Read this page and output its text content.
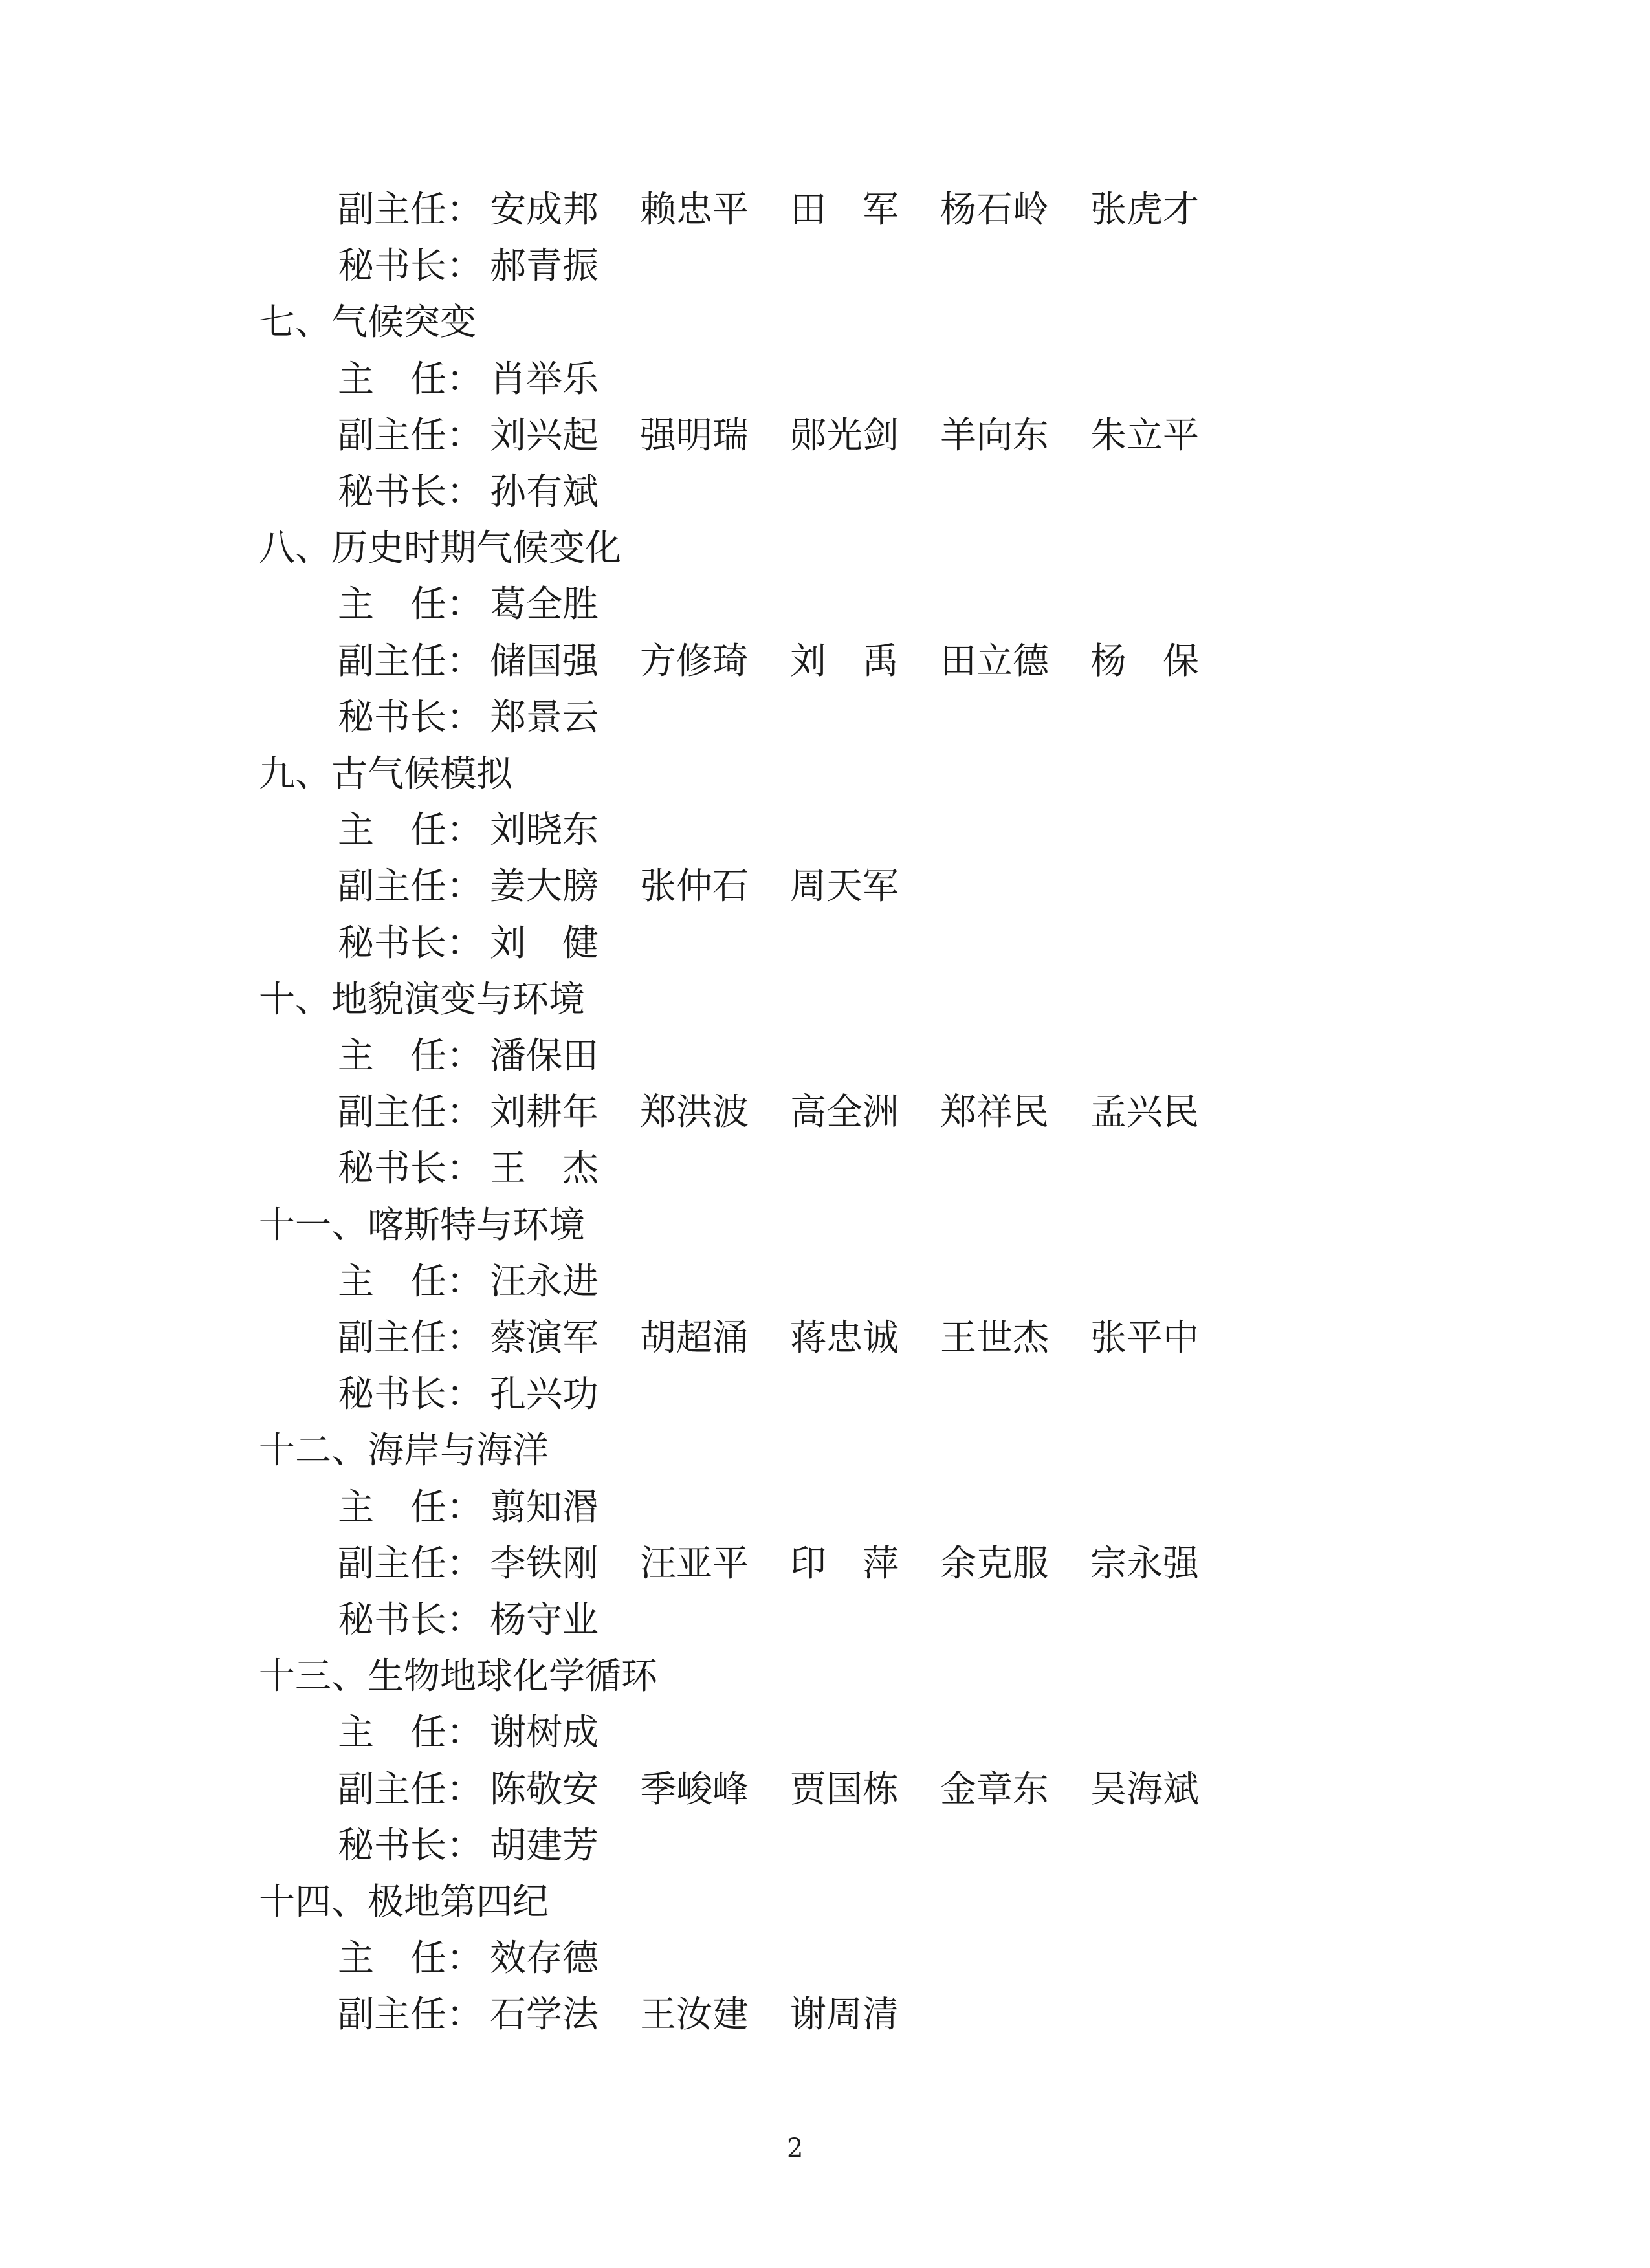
副主任： 安成邦 赖忠平 田　军 杨石岭 张虎才
秘书长： 郝青振
七、气候突变
主　任： 肖举乐
副主任： 刘兴起 强明瑞 郧光剑 羊向东 朱立平
秘书长： 孙有斌
八、历史时期气候变化
主　任： 葛全胜
副主任： 储国强 方修琦 刘　禹 田立德 杨　保
秘书长： 郑景云
九、古气候模拟
主　任： 刘晓东
副主任： 姜大膀 张仲石 周天军
秘书长： 刘　健
十、地貌演变与环境
主　任： 潘保田
副主任： 刘耕年 郑洪波 高全洲 郑祥民 孟兴民
秘书长： 王　杰
十一、喀斯特与环境
主　任： 汪永进
副主任： 蔡演军 胡超涌 蒋忠诚 王世杰 张平中
秘书长： 孔兴功
十二、海岸与海洋
主　任： 翦知湣
副主任： 李铁刚 汪亚平 印　萍 余克服 宗永强
秘书长： 杨守业
十三、生物地球化学循环
主　任： 谢树成
副主任： 陈敬安 季峻峰 贾国栋 金章东 吴海斌
秘书长： 胡建芳
十四、极地第四纪
主　任： 效存德
副主任： 石学法 王汝建 谢周清
2
